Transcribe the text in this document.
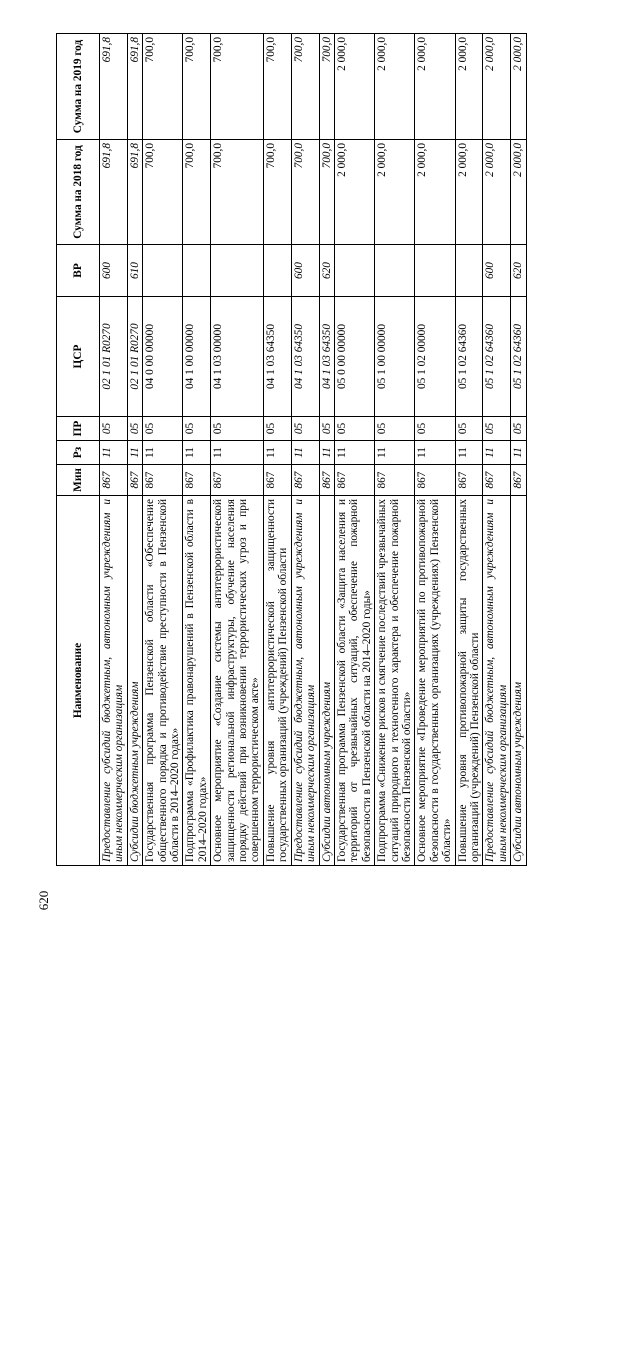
620
Наименование	Мин	Рз	ПР	ЦСР	ВР	Сумма на 2018 год	Сумма на 2019 год
Предоставление субсидий бюджетным, автономным учреждениям и иным некоммерческим организациям	867	11	05	02 1 01 R0270	600	691,8	691,8
Субсидии бюджетным учреждениям	867	11	05	02 1 01 R0270	610	691,8	691,8
Государственная программа Пензенской области «Обеспечение общественного порядка и противодействие преступности в Пензенской области в 2014–2020 годах»	867	11	05	04 0 00 00000		700,0	700,0
Подпрограмма «Профилактика правонарушений в Пензенской области в 2014–2020 годах»	867	11	05	04 1 00 00000		700,0	700,0
Основное мероприятие «Создание системы антитеррористической защищенности региональной инфраструктуры, обучение населения порядку действий при возникновении террористических угроз и при совершенном террористическом акте»	867	11	05	04 1 03 00000		700,0	700,0
Повышение уровня антитеррористической защищенности государственных организаций (учреждений) Пензенской области	867	11	05	04 1 03 64350		700,0	700,0
Предоставление субсидий бюджетным, автономным учреждениям и иным некоммерческим организациям	867	11	05	04 1 03 64350	600	700,0	700,0
Субсидии автономным учреждениям	867	11	05	04 1 03 64350	620	700,0	700,0
Государственная программа Пензенской области «Защита населения и территорий от чрезвычайных ситуаций, обеспечение пожарной безопасности в Пензенской области на 2014–2020 годы»	867	11	05	05 0 00 00000		2 000,0	2 000,0
Подпрограмма «Снижение рисков и смягчение последствий чрезвычайных ситуаций природного и техногенного характера и обеспечение пожарной безопасности Пензенской области»	867	11	05	05 1 00 00000		2 000,0	2 000,0
Основное мероприятие «Проведение мероприятий по противопожарной безопасности в государственных организациях (учреждениях) Пензенской области»	867	11	05	05 1 02 00000		2 000,0	2 000,0
Повышение уровня противопожарной защиты государственных организаций (учреждений) Пензенской области	867	11	05	05 1 02 64360		2 000,0	2 000,0
Предоставление субсидий бюджетным, автономным учреждениям и иным некоммерческим организациям	867	11	05	05 1 02 64360	600	2 000,0	2 000,0
Субсидии автономным учреждениям	867	11	05	05 1 02 64360	620	2 000,0	2 000,0
